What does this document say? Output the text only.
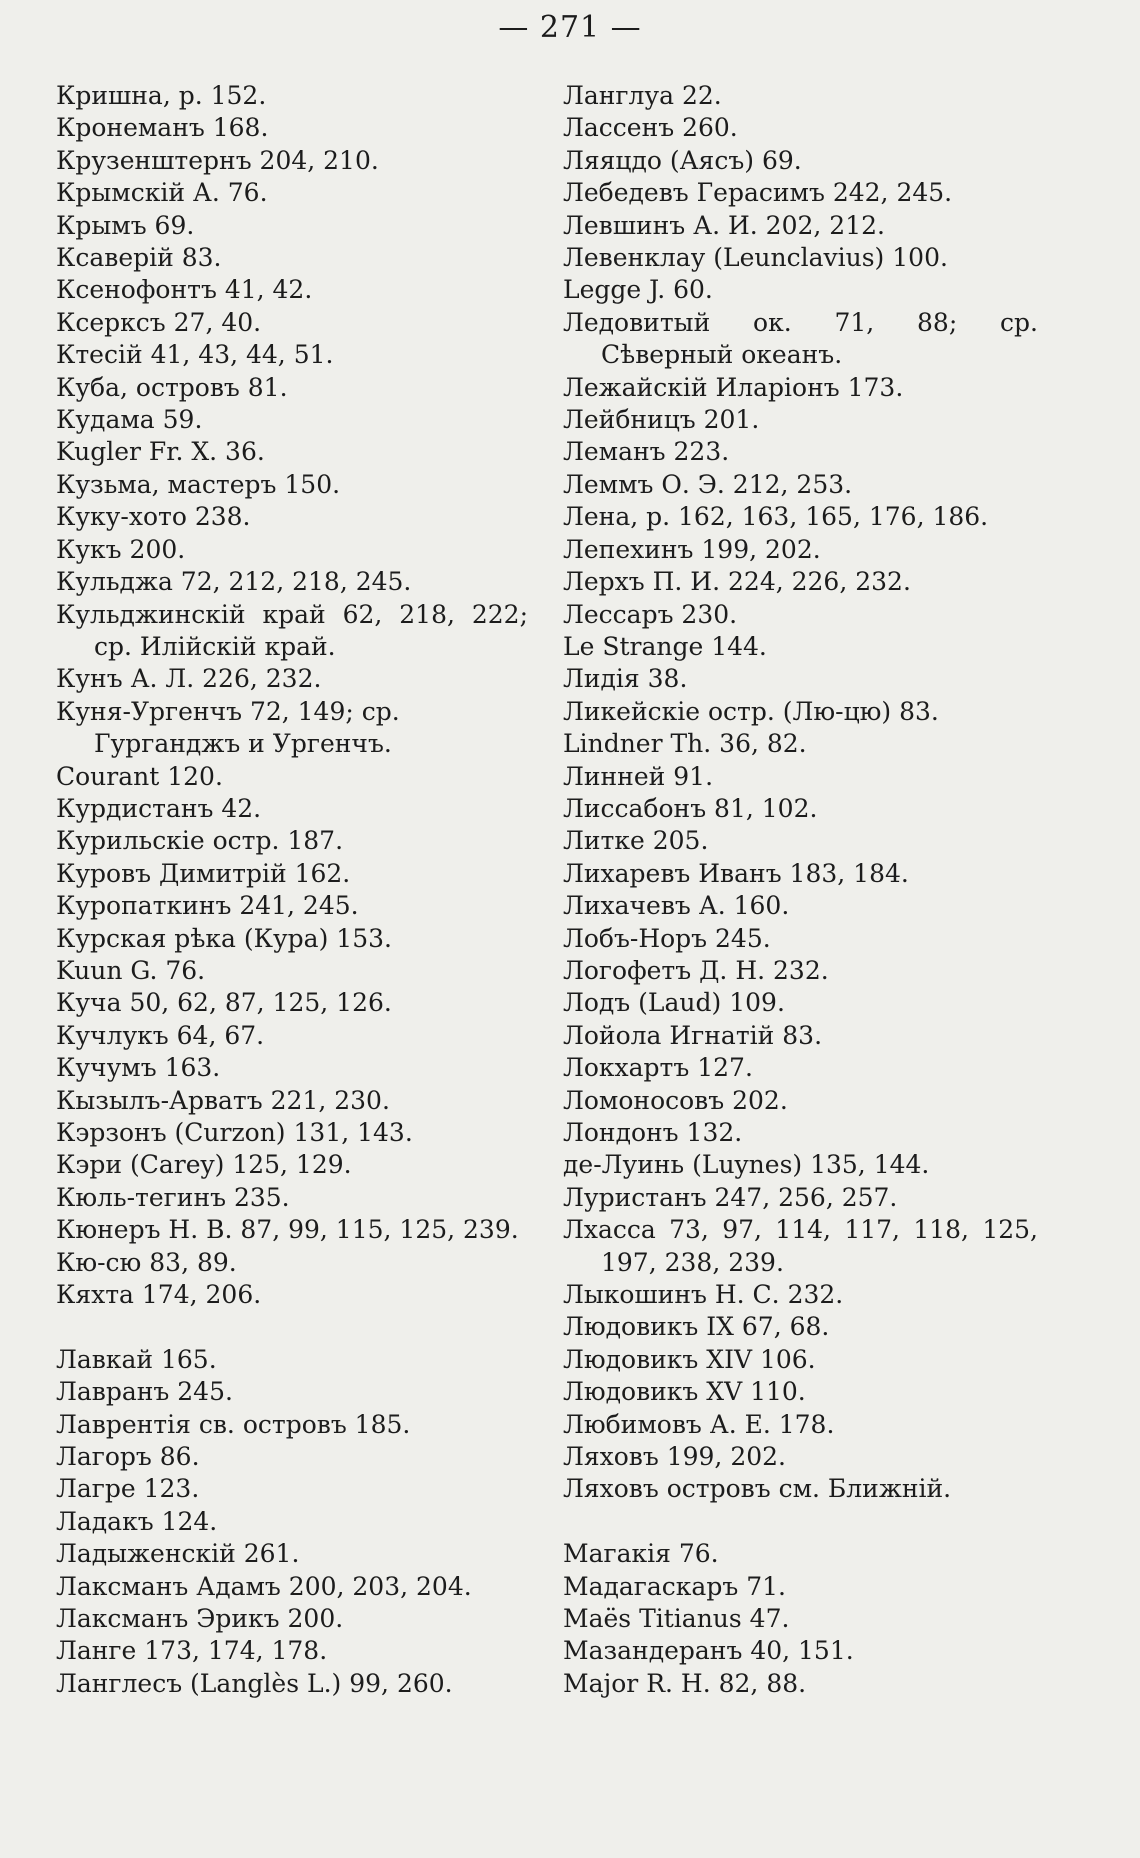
— 271 —
Кришна, р. 152.
Кронеманъ 168.
Крузенштернъ 204, 210.
Крымскій А. 76.
Крымъ 69.
Ксаверій 83.
Ксенофонтъ 41, 42.
Ксерксъ 27, 40.
Ктесій 41, 43, 44, 51.
Куба, островъ 81.
Кудама 59.
Kugler Fr. X. 36.
Кузьма, мастеръ 150.
Куку-хото 238.
Кукъ 200.
Кульджа 72, 212, 218, 245.
Кульджинскій край 62, 218, 222; ср. Илійскій край.
Кунъ А. Л. 226, 232.
Куня-Ургенчъ 72, 149; ср. Гурганджъ и Ургенчъ.
Courant 120.
Курдистанъ 42.
Курильскіе остр. 187.
Куровъ Димитрій 162.
Куропаткинъ 241, 245.
Курская рѣка (Кура) 153.
Kuun G. 76.
Куча 50, 62, 87, 125, 126.
Кучлукъ 64, 67.
Кучумъ 163.
Кызылъ-Арватъ 221, 230.
Кэрзонъ (Curzon) 131, 143.
Кэри (Carey) 125, 129.
Кюль-тегинъ 235.
Кюнеръ Н. В. 87, 99, 115, 125, 239.
Кю-сю 83, 89.
Кяхта 174, 206.
Лавкай 165.
Лавранъ 245.
Лаврентія св. островъ 185.
Лагоръ 86.
Лагре 123.
Ладакъ 124.
Ладыженскій 261.
Лаксманъ Адамъ 200, 203, 204.
Лаксманъ Эрикъ 200.
Ланге 173, 174, 178.
Ланглесъ (Langlès L.) 99, 260.
Ланглуа 22.
Лассенъ 260.
Ляяцдо (Аясъ) 69.
Лебедевъ Герасимъ 242, 245.
Левшинъ А. И. 202, 212.
Левенклау (Leunclavius) 100.
Legge J. 60.
Ледовитый ок. 71, 88; ср. Сѣверный океанъ.
Лежайскій Иларіонъ 173.
Лейбницъ 201.
Леманъ 223.
Леммъ О. Э. 212, 253.
Лена, р. 162, 163, 165, 176, 186.
Лепехинъ 199, 202.
Лерхъ П. И. 224, 226, 232.
Лессаръ 230.
Le Strange 144.
Лидія 38.
Ликейскіе остр. (Лю-цю) 83.
Lindner Th. 36, 82.
Линней 91.
Лиссабонъ 81, 102.
Литке 205.
Лихаревъ Иванъ 183, 184.
Лихачевъ А. 160.
Лобъ-Норъ 245.
Логофетъ Д. Н. 232.
Лодъ (Laud) 109.
Лойола Игнатій 83.
Локхартъ 127.
Ломоносовъ 202.
Лондонъ 132.
де-Луинь (Luynes) 135, 144.
Луристанъ 247, 256, 257.
Лхасса 73, 97, 114, 117, 118, 125, 197, 238, 239.
Лыкошинъ Н. С. 232.
Людовикъ IX 67, 68.
Людовикъ XIV 106.
Людовикъ XV 110.
Любимовъ А. Е. 178.
Ляховъ 199, 202.
Ляховъ островъ см. Ближній.
Магакія 76.
Мадагаскаръ 71.
Maës Titianus 47.
Мазандеранъ 40, 151.
Major R. H. 82, 88.
